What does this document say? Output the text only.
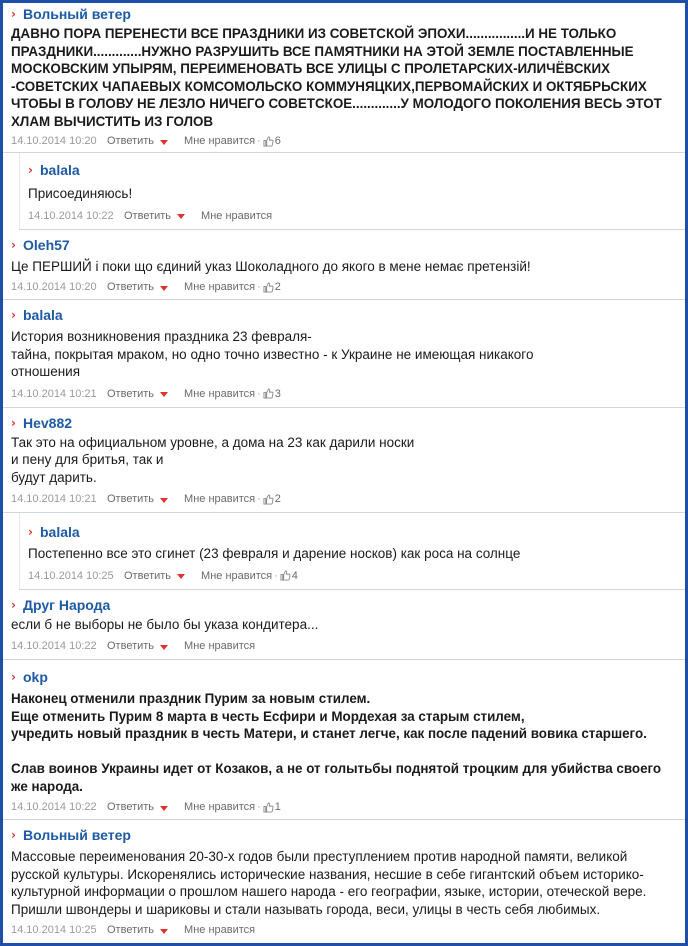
› Вольный ветер
ДАВНО ПОРА ПЕРЕНЕСТИ ВСЕ ПРАЗДНИКИ ИЗ СОВЕТСКОЙ ЭПОХИ................И НЕ ТОЛЬКО ПРАЗДНИКИ.............НУЖНО РАЗРУШИТЬ ВСЕ ПАМЯТНИКИ НА ЭТОЙ ЗЕМЛЕ ПОСТАВЛЕННЫЕ МОСКОВСКИМ УПЫРЯМ, ПЕРЕИМЕНОВАТЬ ВСЕ УЛИЦЫ С ПРОЛЕТАРСКИХ-ИЛИЧЁВСКИХ -СОВЕТСКИХ ЧАПАЕВЫХ КОМСОМОЛЬСКО КОММУНЯЦКИХ,ПЕРВОМАЙСКИХ И ОКТЯБРЬСКИХ ЧТОБЫ В ГОЛОВУ НЕ ЛЕЗЛО НИЧЕГО СОВЕТСКОЕ.............У МОЛОДОГО ПОКОЛЕНИЯ ВЕСЬ ЭТОТ ХЛАМ ВЫЧИСТИТЬ ИЗ ГОЛОВ
14.10.2014 10:20 Ответить	Мне нравится · 6
› balala
Присоединяюсь!
14.10.2014 10:22 Ответить	Мне нравится
› Oleh57
Це ПЕРШИЙ і поки що єдиний указ Шоколадного до якого в мене немає претензій!
14.10.2014 10:20 Ответить	Мне нравится · 2
› balala
История возникновения праздника 23 февраля-
тайна, покрытая мраком, но одно точно известно - к Украине не имеющая никакого отношения
14.10.2014 10:21 Ответить	Мне нравится · 3
› Hev882
Так это на официальном уровне, а дома на 23 как дарили носки
и пену для бритья, так и
будут дарить.
14.10.2014 10:21 Ответить	Мне нравится · 2
› balala
Постепенно все это сгинет (23 февраля и дарение носков) как роса на солнце
14.10.2014 10:25 Ответить	Мне нравится · 4
› Друг Народа
если б не выборы не было бы указа кондитера...
14.10.2014 10:22 Ответить	Мне нравится
› okp
Наконец отменили праздник Пурим за новым стилем.
Еще отменить Пурим 8 марта в честь Есфири и Мордехая за старым стилем,
учредить новый праздник в честь Матери, и станет легче, как после падений вовика старшего.

Слав воинов Украины идет от Козаков, а не от голытьбы поднятой троцким для убийства своего же народа.
14.10.2014 10:22 Ответить	Мне нравится · 1
› Вольный ветер
Массовые переименования 20-30-х годов были преступлением против народной памяти, великой русской культуры. Искоренялись исторические названия, несшие в себе гигантский объем историко-культурной информации о прошлом нашего народа - его географии, языке, истории, отеческой вере. Пришли швондеры и шариковы и стали называть города, веси, улицы в честь себя любимых.
14.10.2014 10:25 Ответить	Мне нравится
